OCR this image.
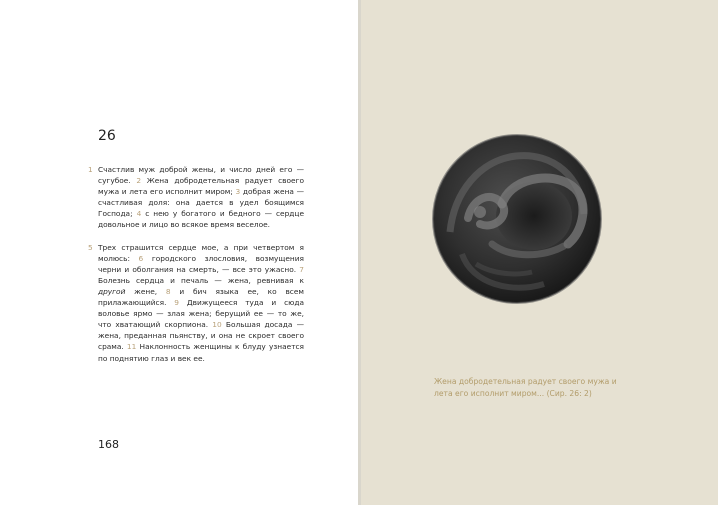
26

1 Счастлив муж доброй жены, и число дней его — сугубое. 2 Жена добродетельная радует своего мужа и лета его исполнит миром; 3 добрая жена — счастливая доля: она дается в удел боящимся Господа; 4 с нею у богатого и бедного — сердце довольное и лицо во всякое время веселое.

5 Трех страшится сердце мое, а при четвертом я молюсь: 6 городского злословия, возмущения черни и оболгания на смерть, — все это ужасно. 7 Болезнь сердца и печаль — жена, ревнивая к другой жене, 8 и бич языка ее, ко всем прилажающийся. 9 Движущееся туда и сюда воловье ярмо — злая жена; берущий ее — то же, что хватающий скорпиона. 10 Большая досада — жена, преданная пьянству, и она не скроет своего срама. 11 Наклонность женщины к блуду узнается по поднятию глаз и век ее.

168
Жена добродетельная радует своего мужа и лета его исполнит миром... (Сир. 26: 2)
